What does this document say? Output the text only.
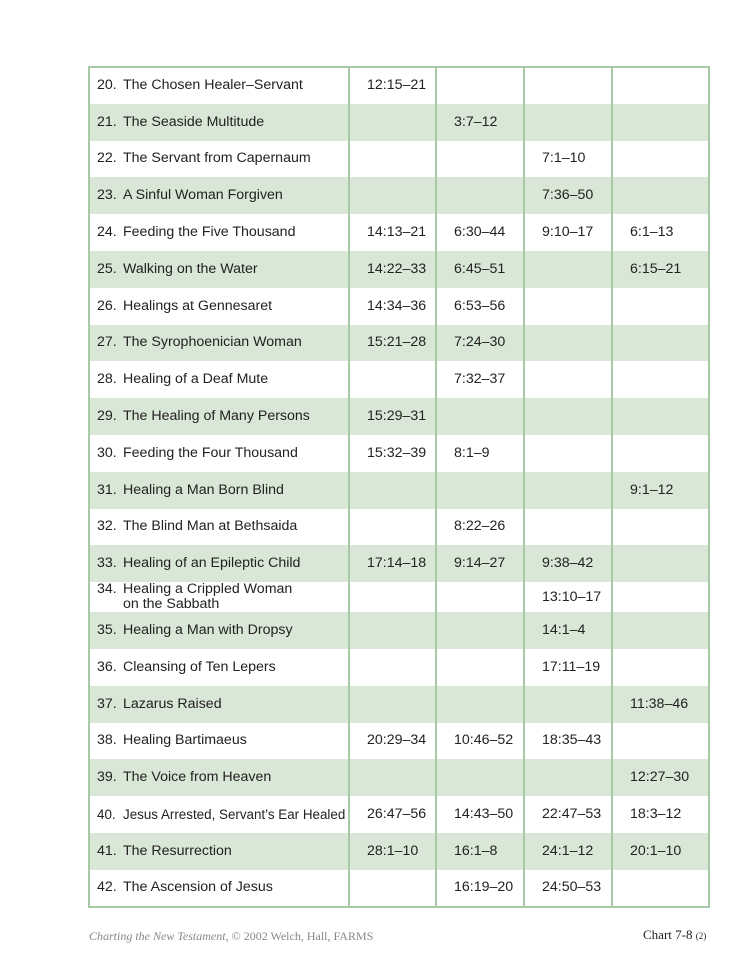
20. The Chosen Healer–Servant	12:15–21			
21. The Seaside Multitude		3:7–12		
22. The Servant from Capernaum			7:1–10	
23. A Sinful Woman Forgiven			7:36–50	
24. Feeding the Five Thousand	14:13–21	6:30–44	9:10–17	6:1–13
25. Walking on the Water	14:22–33	6:45–51		6:15–21
26. Healings at Gennesaret	14:34–36	6:53–56		
27. The Syrophoenician Woman	15:21–28	7:24–30		
28. Healing of a Deaf Mute		7:32–37		
29. The Healing of Many Persons	15:29–31			
30. Feeding the Four Thousand	15:32–39	8:1–9		
31. Healing a Man Born Blind				9:1–12
32. The Blind Man at Bethsaida		8:22–26		
33. Healing of an Epileptic Child	17:14–18	9:14–27	9:38–42	
34. Healing a Crippled Woman
on the Sabbath			13:10–17	
35. Healing a Man with Dropsy			14:1–4	
36. Cleansing of Ten Lepers			17:11–19	
37. Lazarus Raised				11:38–46
38. Healing Bartimaeus	20:29–34	10:46–52	18:35–43	
39. The Voice from Heaven				12:27–30
40. Jesus Arrested, Servant’s Ear Healed	26:47–56	14:43–50	22:47–53	18:3–12
41. The Resurrection	28:1–10	16:1–8	24:1–12	20:1–10
42. The Ascension of Jesus		16:19–20	24:50–53	
Charting the New Testament, © 2002 Welch, Hall, FARMS	Chart 7-8 (2)
